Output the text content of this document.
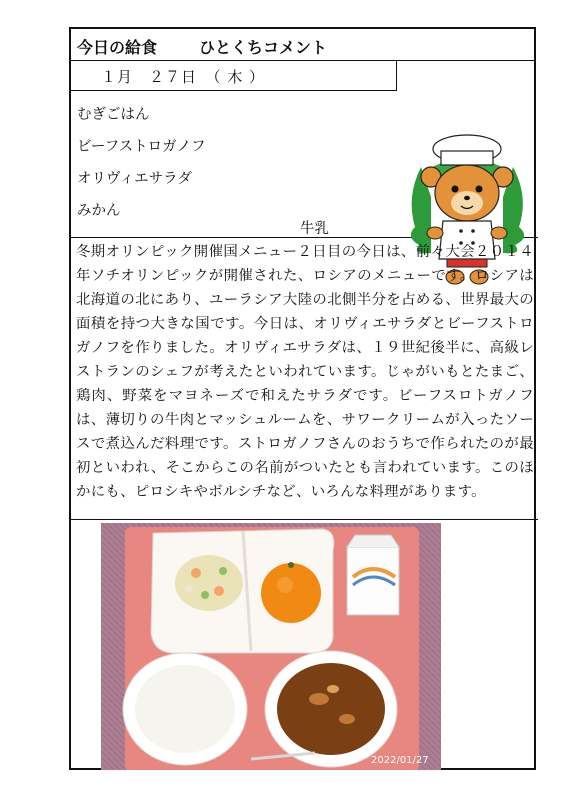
今日の給食	ひとくちコメント
１月　２７日　（ 木 ）
むぎごはん
ビーフストロガノフ
オリヴィエサラダ
みかん
牛乳

冬期オリンピック開催国メニュー２日目の今日は、前々大会２０１４年ソチオリンピックが開催された、ロシアのメニューです。ロシアは北海道の北にあり、ユーラシア大陸の北側半分を占める、世界最大の面積を持つ大きな国です。今日は、オリヴィエサラダとビーフストロガノフを作りました。オリヴィエサラダは、１９世紀後半に、高級レストランのシェフが考えたといわれています。じゃがいもとたまご、鶏肉、野菜をマヨネーズで和えたサラダです。ビーフスロトガノフは、薄切りの牛肉とマッシュルームを、サワークリームが入ったソースで煮込んだ料理です。ストロガノフさんのおうちで作られたのが最初といわれ、そこからこの名前がついたとも言われています。このほかにも、ピロシキやボルシチなど、いろんな料理があります。

2022/01/27
